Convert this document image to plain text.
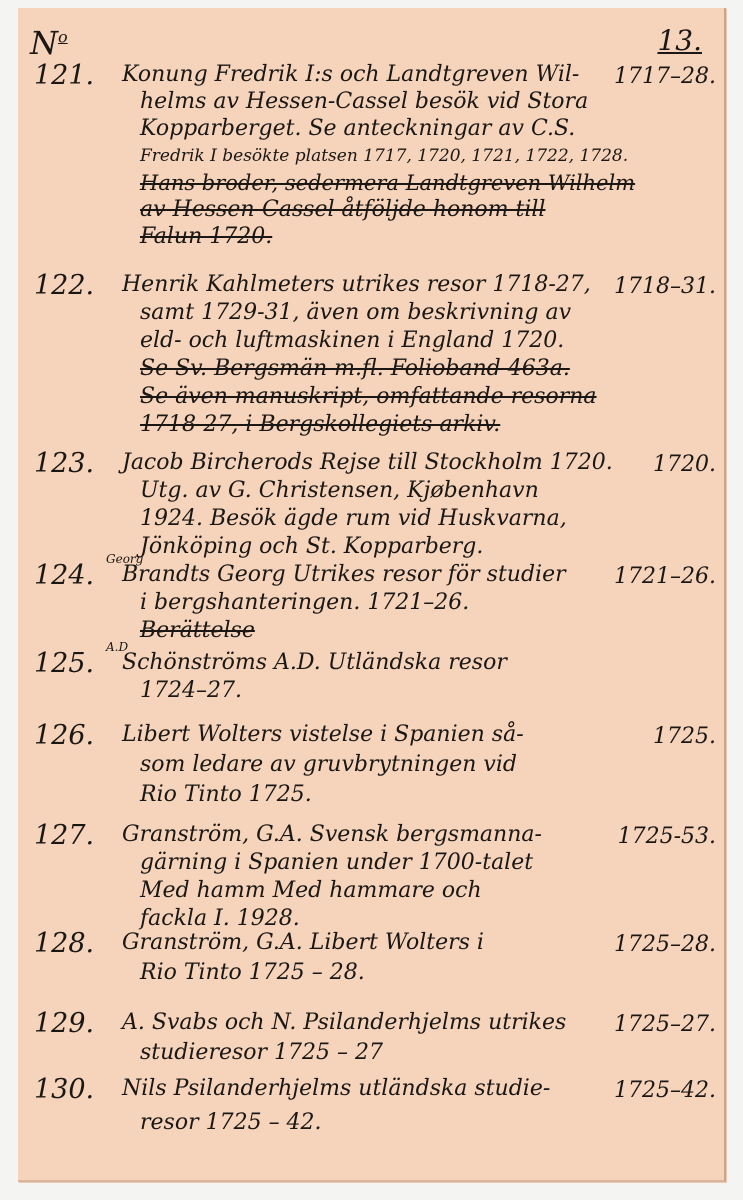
$N^o$	13.
121.	1717–28.
Konung Fredrik I:s och Landtgreven Wil-
helms av Hessen-Cassel besök vid Stora
Kopparberget. Se anteckningar av C.S.
Fredrik I besökte platsen 1717, 1720, 1721, 1722, 1728.
Hans broder, sedermera Landtgreven Wilhelm
av Hessen-Cassel åtföljde honom till
Falun 1720.
122.	1718–31.
Henrik Kahlmeters utrikes resor 1718-27,
samt 1729-31, även om beskrivning av
eld- och luftmaskinen i England 1720.
Se Sv. Bergsmän m.fl. Folioband 463a.
Se även manuskript, omfattande resorna
1718-27, i Bergskollegiets arkiv.
123.	1720.
Jacob Bircherods Rejse till Stockholm 1720.
Utg. av G. Christensen, Kjøbenhavn
1924. Besök ägde rum vid Huskvarna,
Jönköping och St. Kopparberg.
124.	1721–26.
Georg
Brandts Georg Utrikes resor för studier
i bergshanteringen. 1721–26.
Berättelse
125.
A.D
Schönströms A.D. Utländska resor
1724–27.
126.	1725.
Libert Wolters vistelse i Spanien så-
som ledare av gruvbrytningen vid
Rio Tinto 1725.
127.	1725-53.
Granström, G.A. Svensk bergsmanna-
gärning i Spanien under 1700-talet
Med hamm Med hammare och
fackla I. 1928.
128.	1725–28.
Granström, G.A. Libert Wolters i
Rio Tinto 1725 – 28.
129.	1725–27.
A. Svabs och N. Psilanderhjelms utrikes
studieresor 1725 – 27
130.	1725–42.
Nils Psilanderhjelms utländska studie-
resor 1725 – 42.
